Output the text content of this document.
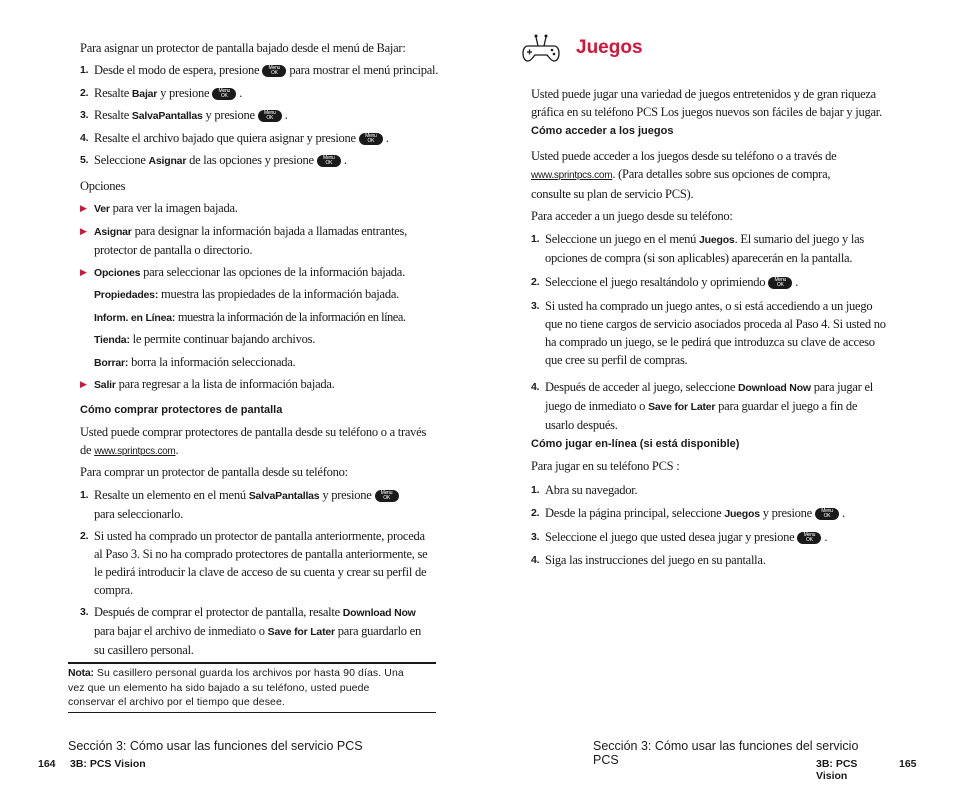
Para asignar un protector de pantalla bajado desde el menú de Bajar:
1. Desde el modo de espera, presione Menu
OK para mostrar el menú principal.
2. Resalte Bajar y presione Menu
OK .
3. Resalte SalvaPantallas y presione Menu
OK .
4. Resalte el archivo bajado que quiera asignar y presione Menu
OK .
5. Seleccione Asignar de las opciones y presione Menu
OK .
Opciones
▶ Ver para ver la imagen bajada.
▶ Asignar para designar la información bajada a llamadas entrantes,
protector de pantalla o directorio.
▶ Opciones para seleccionar las opciones de la información bajada.
Propiedades: muestra las propiedades de la información bajada.
Inform. en Línea: muestra la información de la información en línea.
Tienda: le permite continuar bajando archivos.
Borrar: borra la información seleccionada.
▶ Salir para regresar a la lista de información bajada.
Cómo comprar protectores de pantalla
Usted puede comprar protectores de pantalla desde su teléfono o a través
de www.sprintpcs.com.
Para comprar un protector de pantalla desde su teléfono:
1. Resalte un elemento en el menú SalvaPantallas y presione Menu
OK
para seleccionarlo.
2. Si usted ha comprado un protector de pantalla anteriormente, proceda
al Paso 3. Si no ha comprado protectores de pantalla anteriormente, se
le pedirá introducir la clave de acceso de su cuenta y crear su perfil de
compra.
3. Después de comprar el protector de pantalla, resalte Download Now
para bajar el archivo de inmediato o Save for Later para guardarlo en
su casillero personal.
Nota: Su casillero personal guarda los archivos por hasta 90 días. Una
vez que un elemento ha sido bajado a su teléfono, usted puede
conservar el archivo por el tiempo que desee.
Sección 3: Cómo usar las funciones del servicio PCS
164 3B: PCS Vision
Juegos
Usted puede jugar una variedad de juegos entretenidos y de gran riqueza
gráfica en su teléfono PCS Los juegos nuevos son fáciles de bajar y jugar.
Cómo acceder a los juegos
Usted puede acceder a los juegos desde su teléfono o a través de
www.sprintpcs.com. (Para detalles sobre sus opciones de compra,
consulte su plan de servicio PCS).
Para acceder a un juego desde su teléfono:
1. Seleccione un juego en el menú Juegos. El sumario del juego y las
opciones de compra (si son aplicables) aparecerán en la pantalla.
2. Seleccione el juego resaltándolo y oprimiendo Menu
OK .
3. Si usted ha comprado un juego antes, o si está accediendo a un juego
que no tiene cargos de servicio asociados proceda al Paso 4. Si usted no
ha comprado un juego, se le pedirá que introduzca su clave de acceso
que cree su perfil de compras.
4. Después de acceder al juego, seleccione Download Now para jugar el
juego de inmediato o Save for Later para guardar el juego a fin de
usarlo después.
Cómo jugar en-línea (si está disponible)
Para jugar en su teléfono PCS :
1. Abra su navegador.
2. Desde la página principal, seleccione Juegos y presione Menu
OK .
3. Seleccione el juego que usted desea jugar y presione Menu
OK .
4. Siga las instrucciones del juego en su pantalla.
Sección 3: Cómo usar las funciones del servicio PCS	3B: PCS Vision
165
